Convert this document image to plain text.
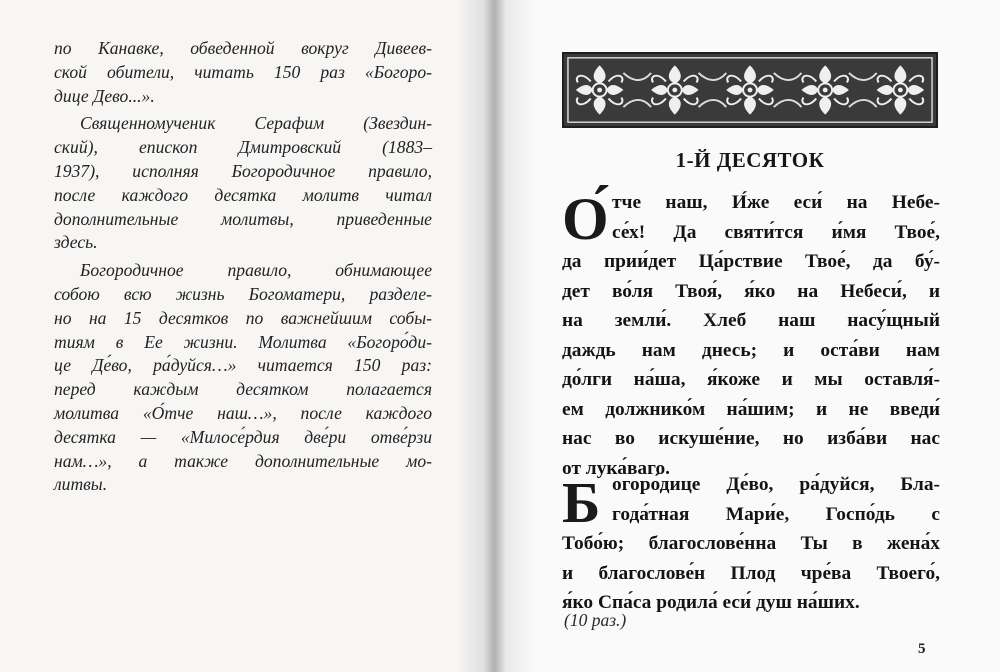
по Канавке, обведенной вокруг Дивеев-
ской обители, читать 150 раз «Богоро-
дице Дево...».
Священномученик Серафим (Звездин-
ский), епископ Дмитровский (1883–
1937), исполняя Богородичное правило,
после каждого десятка молитв читал
дополнительные молитвы, приведенные
здесь.
Богородичное правило, обнимающее
собою всю жизнь Богоматери, разделе-
но на 15 десятков по важнейшим собы-
тиям в Ее жизни. Молитва «Богоро́ди-
це Де́во, ра́дуйся…» читается 150 раз:
перед каждым десятком полагается
молитва «О́тче наш…», после каждого
десятка — «Милосе́рдия две́ри отве́рзи
нам…», а также дополнительные мо-
литвы.
1-Й ДЕСЯТОК
О́ тче наш, И́же еси́ на Небе-
се́х! Да святи́тся и́мя Твое́,
да прии́дет Ца́рствие Твое́, да бу́-
дет во́ля Твоя́, я́ко на Небеси́, и
на земли́. Хлеб наш насу́щный
даждь нам днесь; и оста́ви нам
до́лги на́ша, я́коже и мы оставля́-
ем должнико́м на́шим; и не введи́
нас во искуше́ние, но изба́ви нас
от лука́ваго.
Б огоро́дице Де́во, ра́дуйся, Бла-
года́тная Мари́е, Госпо́дь с
Тобо́ю; благослове́нна Ты в жена́х
и благослове́н Плод чре́ва Твоего́,
я́ко Спа́са родила́ еси́ душ на́ших.
(10 раз.)
5
